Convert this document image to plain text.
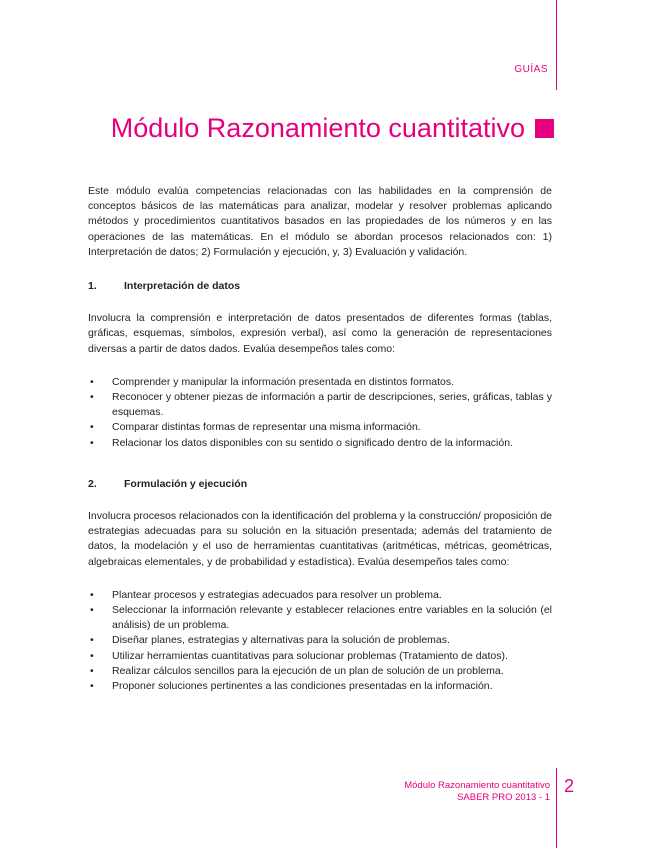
GUÍAS
Módulo Razonamiento cuantitativo

Este módulo evalúa competencias relacionadas con las habilidades en la comprensión de conceptos básicos de las matemáticas para analizar, modelar y resolver problemas aplicando métodos y procedimientos cuantitativos basados en las propiedades de los números y en las operaciones de las matemáticas. En el módulo se abordan procesos relacionados con: 1) Interpretación de datos; 2) Formulación y ejecución, y, 3) Evaluación y validación.

1.	Interpretación de datos

Involucra la comprensión e interpretación de datos presentados de diferentes formas (tablas, gráficas, esquemas, símbolos, expresión verbal), así como la generación de representaciones diversas a partir de datos dados. Evalúa desempeños tales como:

• Comprender y manipular la información presentada en distintos formatos.
• Reconocer y obtener piezas de información a partir de descripciones, series, gráficas, tablas y esquemas.
• Comparar distintas formas de representar una misma información.
• Relacionar los datos disponibles con su sentido o significado dentro de la información.
2.	Formulación y ejecución

Involucra procesos relacionados con la identificación del problema y la construcción/ proposición de estrategias adecuadas para su solución en la situación presentada; además del tratamiento de datos, la modelación y el uso de herramientas cuantitativas (aritméticas, métricas, geométricas, algebraicas elementales, y de probabilidad y estadística). Evalúa desempeños tales como:

• Plantear procesos y estrategias adecuados para resolver un problema.
• Seleccionar la información relevante y establecer relaciones entre variables en la solución (el análisis) de un problema.
• Diseñar planes, estrategias y alternativas para la solución de problemas.
• Utilizar herramientas cuantitativas para solucionar problemas (Tratamiento de datos).
• Realizar cálculos sencillos para la ejecución de un plan de solución de un problema.
• Proponer soluciones pertinentes a las condiciones presentadas en la información.
Módulo Razonamiento cuantitativo
SABER PRO 2013 - 1
2
